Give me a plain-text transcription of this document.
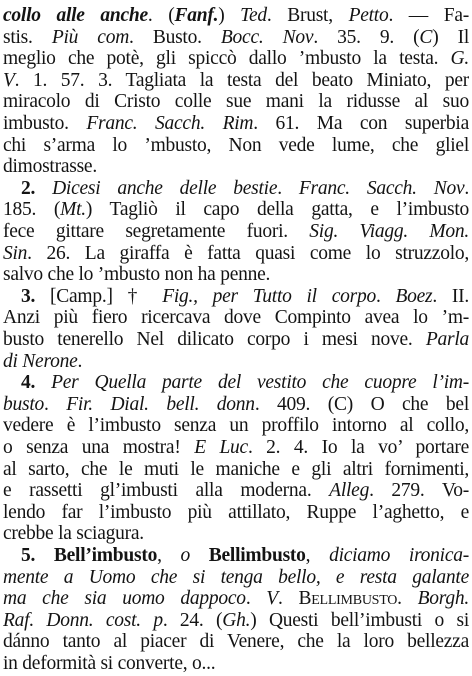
collo alle anche. (Fanf.) Ted. Brust, Petto. — Fa-
stis. Più com. Busto. Bocc. Nov. 35. 9. (C) Il
meglio che potè, gli spiccò dallo ’mbusto la testa. G.
V. 1. 57. 3. Tagliata la testa del beato Miniato, per
miracolo di Cristo colle sue mani la ridusse al suo
imbusto. Franc. Sacch. Rim. 61. Ma con superbia
chi s’arma lo ’mbusto, Non vede lume, che gliel
dimostrasse.
2. Dicesi anche delle bestie. Franc. Sacch. Nov.
185. (Mt.) Tagliò il capo della gatta, e l’imbusto
fece gittare segretamente fuori. Sig. Viagg. Mon.
Sin. 26. La giraffa è fatta quasi come lo struzzolo,
salvo che lo ’mbusto non ha penne.
3. [Camp.] † Fig., per Tutto il corpo. Boez. II.
Anzi più fiero ricercava dove Compinto avea lo ’m-
busto tenerello Nel dilicato corpo i mesi nove. Parla
di Nerone.
4. Per Quella parte del vestito che cuopre l’im-
busto. Fir. Dial. bell. donn. 409. (C) O che bel
vedere è l’imbusto senza un proffilo intorno al collo,
o senza una mostra! E Luc. 2. 4. Io la vo’ portare
al sarto, che le muti le maniche e gli altri fornimenti,
e rassetti gl’imbusti alla moderna. Alleg. 279. Vo-
lendo far l’imbusto più attillato, Ruppe l’aghetto, e
crebbe la sciagura.
5. Bell’imbusto, o Bellimbusto, diciamo ironica-
mente a Uomo che si tenga bello, e resta galante
ma che sia uomo dappoco. V. Bellimbusto. Borgh.
Raf. Donn. cost. p. 24. (Gh.) Questi bell’imbusti o si
dánno tanto al piacer di Venere, che la loro bellezza
in deformità si converte, o...
